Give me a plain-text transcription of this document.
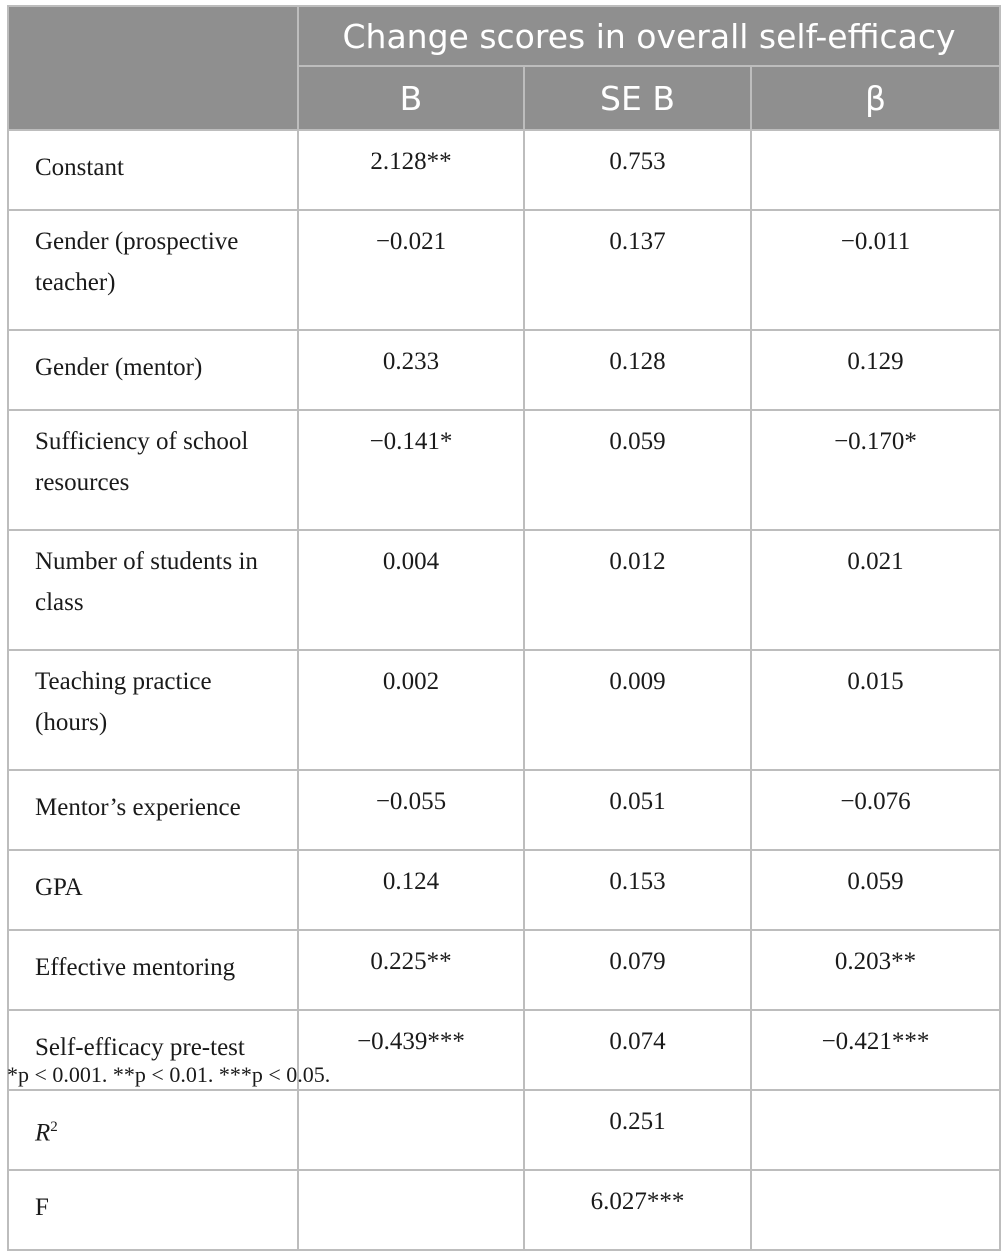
	Change scores in overall self-efficacy		
	B	SE B	β
Constant	2.128**	0.753	

Gender (prospective teacher)	−0.021	0.137	−0.011
Gender (mentor)	0.233	0.128	0.129

Sufficiency of school resources	−0.141*	0.059	−0.170*

Number of students in class	0.004	0.012	0.021

Teaching practice (hours)	0.002	0.009	0.015
Mentor’s experience	−0.055	0.051	−0.076
GPA	0.124	0.153	0.059
Effective mentoring	0.225**	0.079	0.203**
Self-efficacy pre-test	−0.439***	0.074	−0.421***
$R^2$		0.251	
F		6.027***	
*p < 0.001. **p < 0.01. ***p < 0.05.
